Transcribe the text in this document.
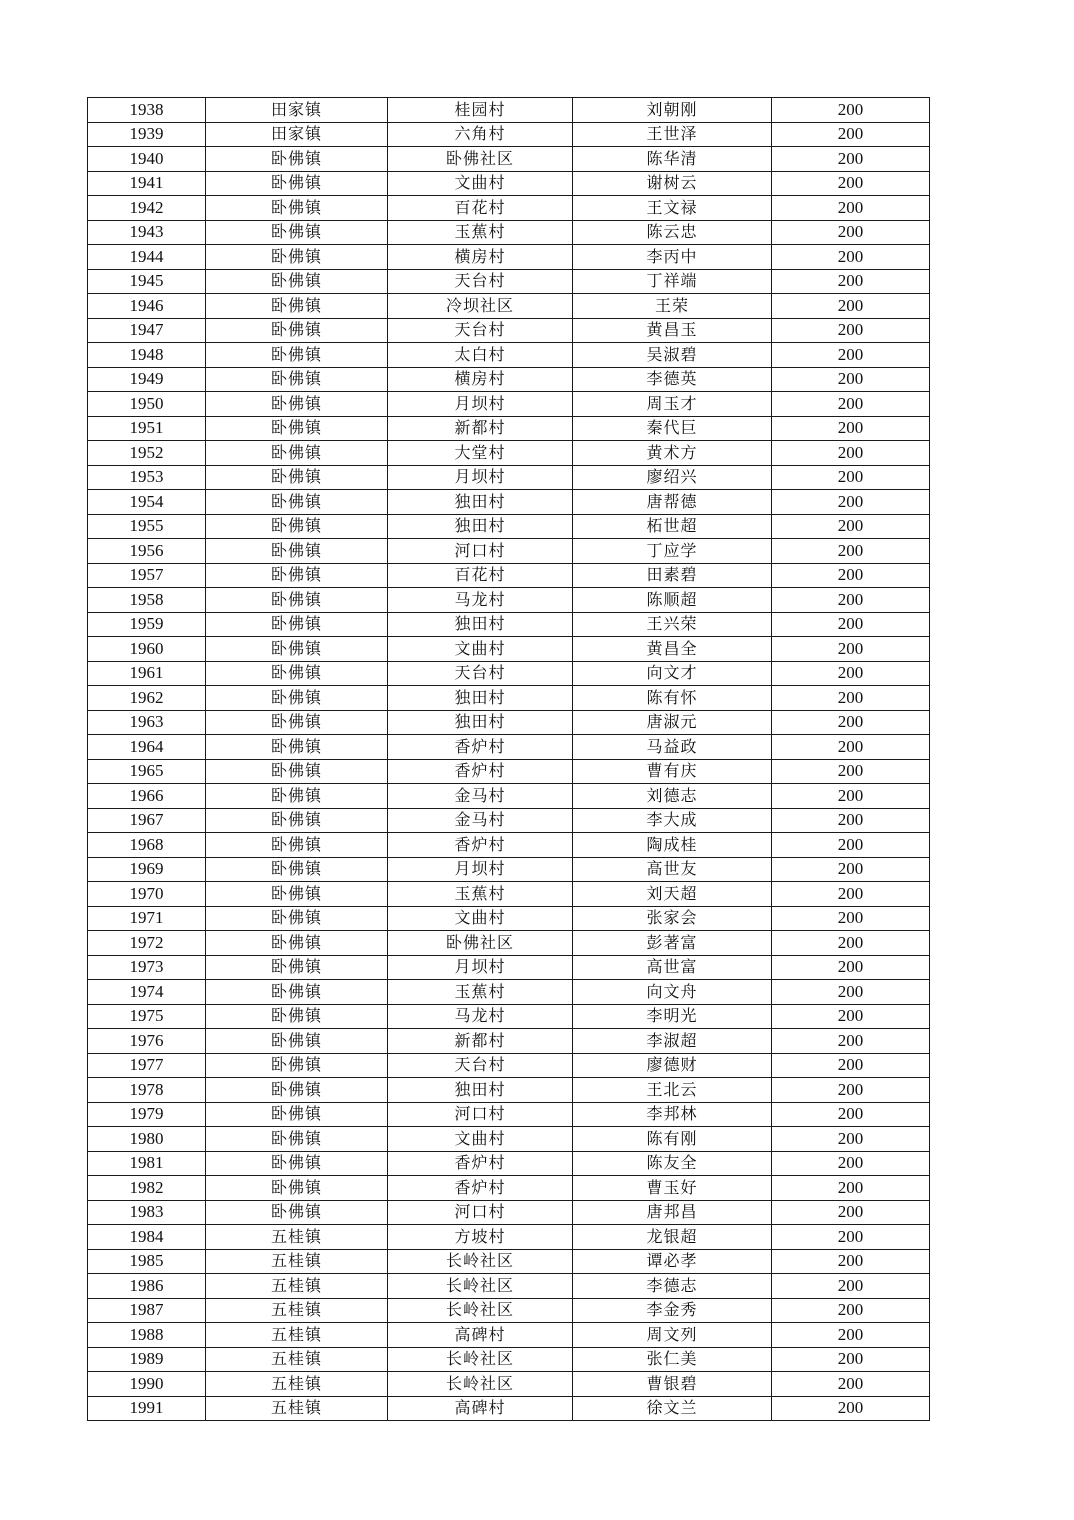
1938	田家镇	桂园村	刘朝刚	200
1939	田家镇	六角村	王世泽	200
1940	卧佛镇	卧佛社区	陈华清	200
1941	卧佛镇	文曲村	谢树云	200
1942	卧佛镇	百花村	王文禄	200
1943	卧佛镇	玉蕉村	陈云忠	200
1944	卧佛镇	横房村	李丙中	200
1945	卧佛镇	天台村	丁祥端	200
1946	卧佛镇	冷坝社区	王荣	200
1947	卧佛镇	天台村	黄昌玉	200
1948	卧佛镇	太白村	吴淑碧	200
1949	卧佛镇	横房村	李德英	200
1950	卧佛镇	月坝村	周玉才	200
1951	卧佛镇	新都村	秦代巨	200
1952	卧佛镇	大堂村	黄术方	200
1953	卧佛镇	月坝村	廖绍兴	200
1954	卧佛镇	独田村	唐帮德	200
1955	卧佛镇	独田村	柘世超	200
1956	卧佛镇	河口村	丁应学	200
1957	卧佛镇	百花村	田素碧	200
1958	卧佛镇	马龙村	陈顺超	200
1959	卧佛镇	独田村	王兴荣	200
1960	卧佛镇	文曲村	黄昌全	200
1961	卧佛镇	天台村	向文才	200
1962	卧佛镇	独田村	陈有怀	200
1963	卧佛镇	独田村	唐淑元	200
1964	卧佛镇	香炉村	马益政	200
1965	卧佛镇	香炉村	曹有庆	200
1966	卧佛镇	金马村	刘德志	200
1967	卧佛镇	金马村	李大成	200
1968	卧佛镇	香炉村	陶成桂	200
1969	卧佛镇	月坝村	高世友	200
1970	卧佛镇	玉蕉村	刘天超	200
1971	卧佛镇	文曲村	张家会	200
1972	卧佛镇	卧佛社区	彭著富	200
1973	卧佛镇	月坝村	高世富	200
1974	卧佛镇	玉蕉村	向文舟	200
1975	卧佛镇	马龙村	李明光	200
1976	卧佛镇	新都村	李淑超	200
1977	卧佛镇	天台村	廖德财	200
1978	卧佛镇	独田村	王北云	200
1979	卧佛镇	河口村	李邦林	200
1980	卧佛镇	文曲村	陈有刚	200
1981	卧佛镇	香炉村	陈友全	200
1982	卧佛镇	香炉村	曹玉好	200
1983	卧佛镇	河口村	唐邦昌	200
1984	五桂镇	方坡村	龙银超	200
1985	五桂镇	长岭社区	谭必孝	200
1986	五桂镇	长岭社区	李德志	200
1987	五桂镇	长岭社区	李金秀	200
1988	五桂镇	高碑村	周文列	200
1989	五桂镇	长岭社区	张仁美	200
1990	五桂镇	长岭社区	曹银碧	200
1991	五桂镇	高碑村	徐文兰	200
